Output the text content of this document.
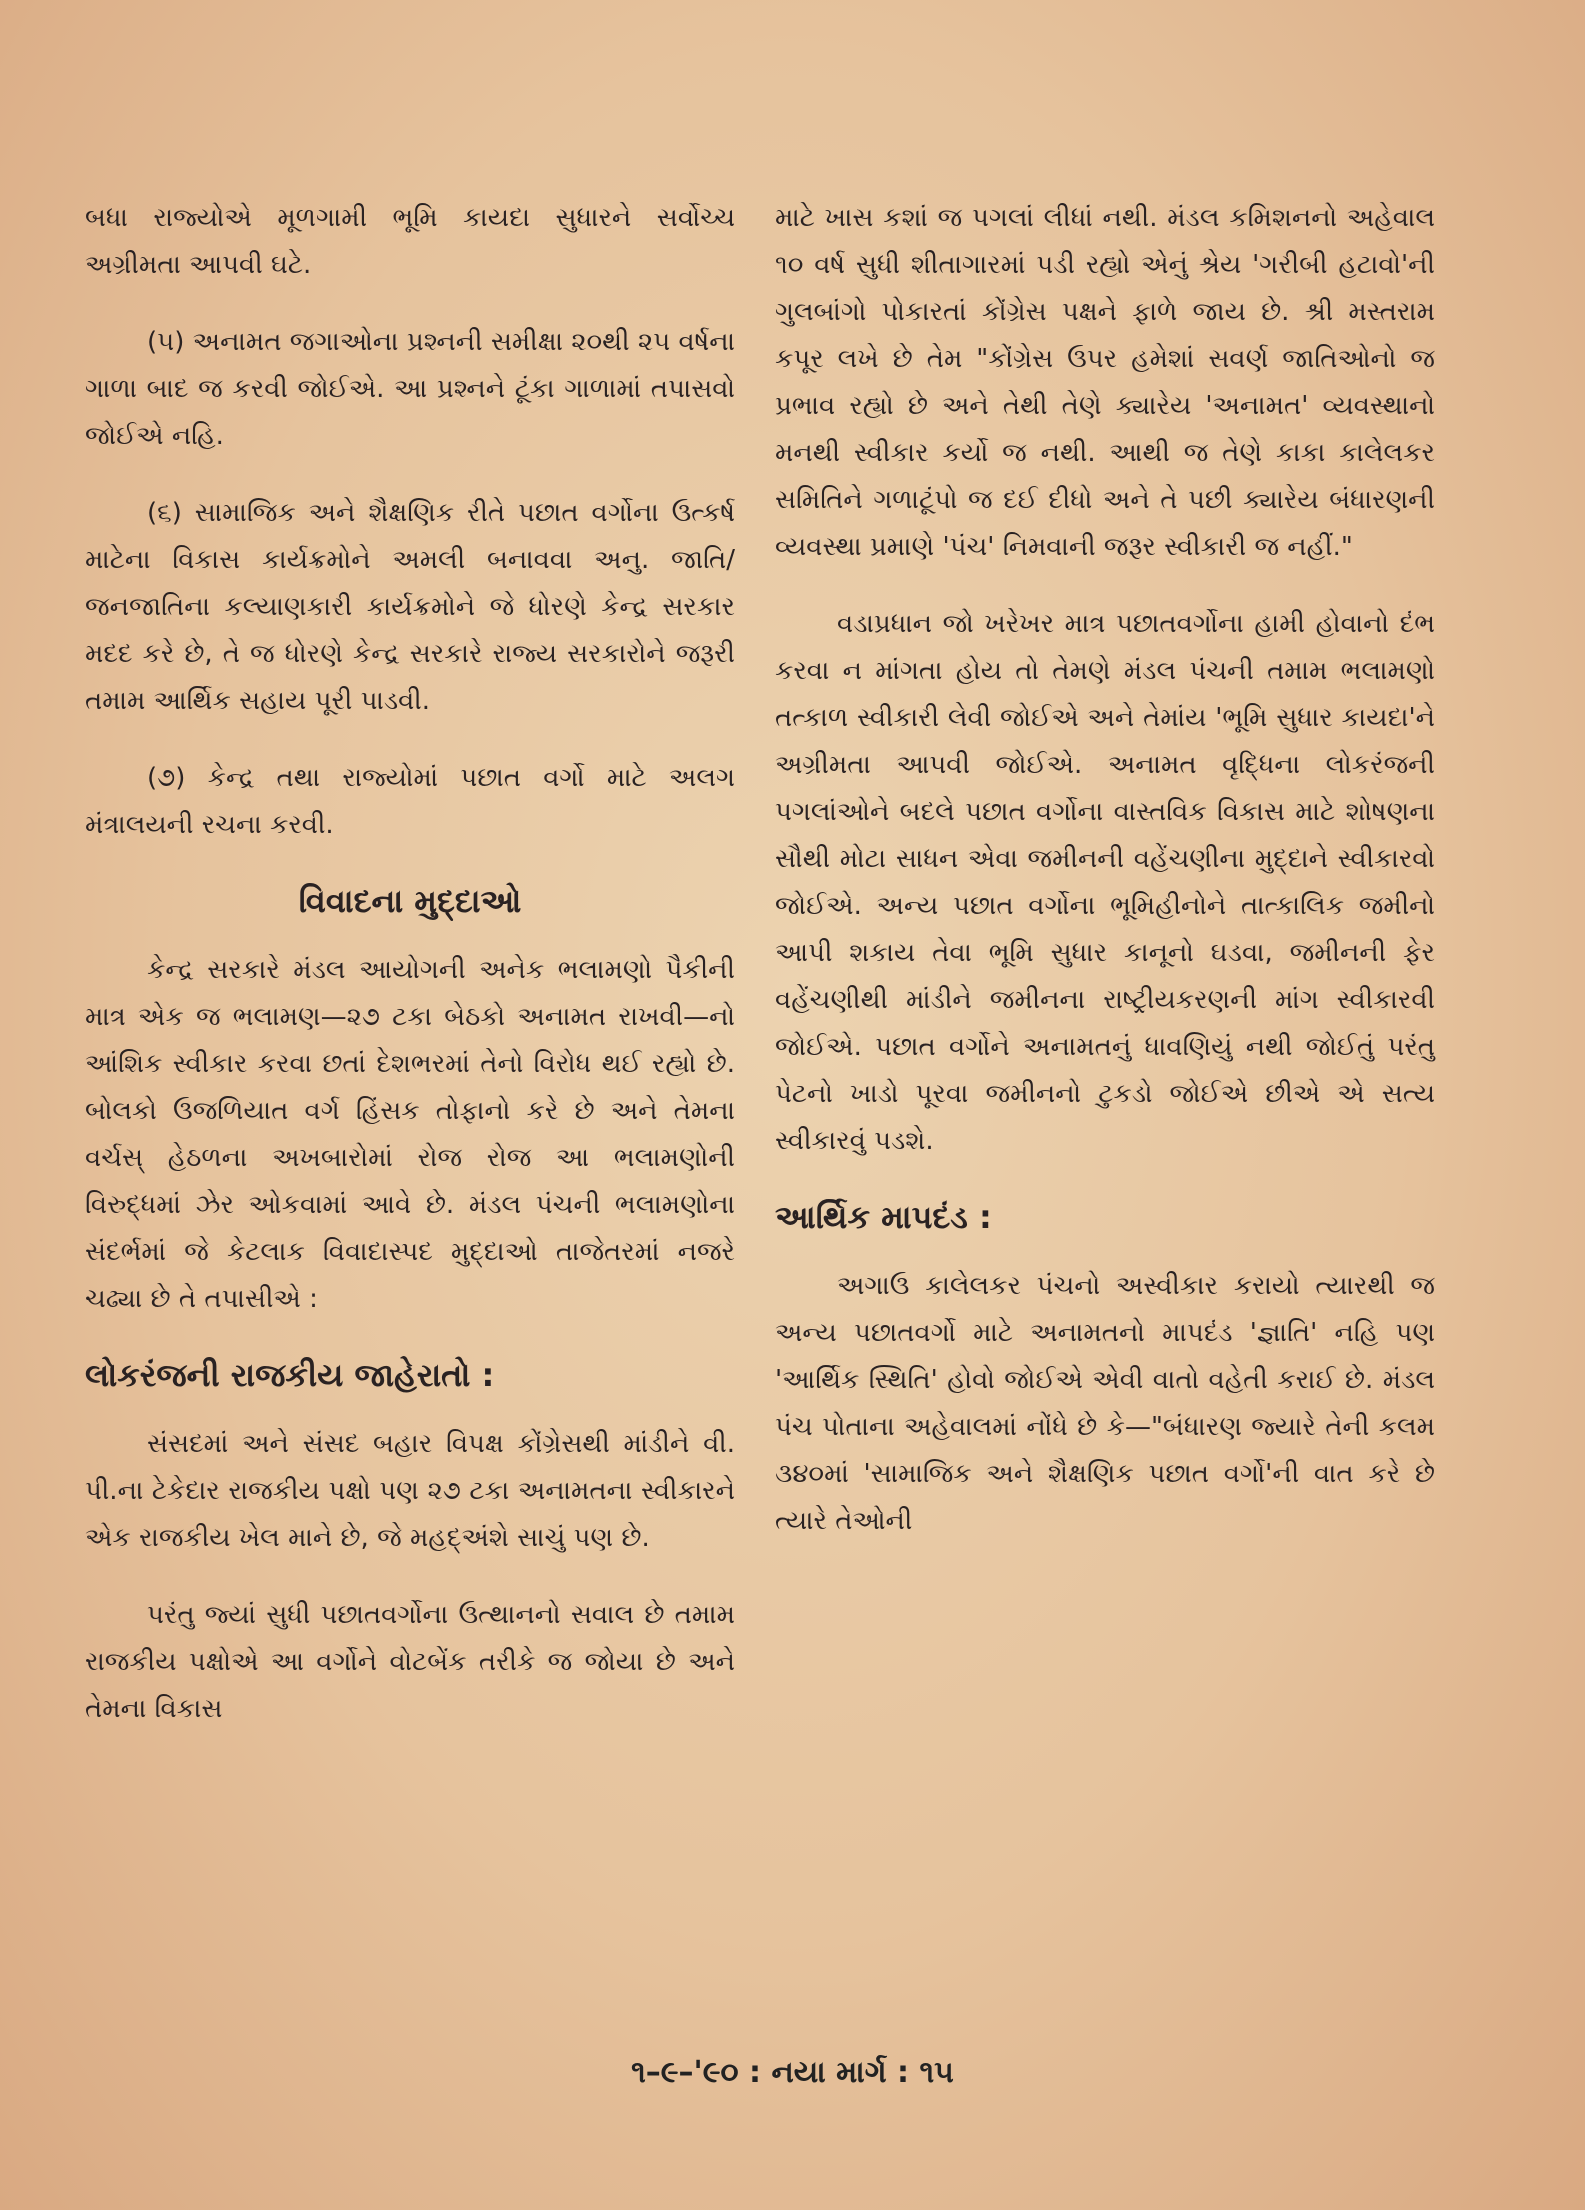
બધા રાજ્યોએ મૂળગામી ભૂમિ કાયદા સુધારને સર્વોચ્ચ અગ્રીમતા આપવી ઘટે.

(૫) અનામત જગાઓના પ્રશ્નની સમીક્ષા ૨૦થી ૨૫ વર્ષના ગાળા બાદ જ કરવી જોઈએ. આ પ્રશ્નને ટૂંકા ગાળામાં તપાસવો જોઈએ નહિ.

(૬) સામાજિક અને શૈક્ષણિક રીતે પછાત વર્ગોના ઉત્કર્ષ માટેના વિકાસ કાર્યક્રમોને અમલી બનાવવા અનુ. જાતિ/જનજાતિના કલ્યાણકારી કાર્યક્રમોને જે ધોરણે કેન્દ્ર સરકાર મદદ કરે છે, તે જ ધોરણે કેન્દ્ર સરકારે રાજ્ય સરકારોને જરૂરી તમામ આર્થિક સહાય પૂરી પાડવી.

(૭) કેન્દ્ર તથા રાજ્યોમાં પછાત વર્ગો માટે અલગ મંત્રાલયની રચના કરવી.

વિવાદના મુદ્દાઓ

કેન્દ્ર સરકારે મંડલ આયોગની અનેક ભલામણો પૈકીની માત્ર એક જ ભલામણ—૨૭ ટકા બેઠકો અનામત રાખવી—નો આંશિક સ્વીકાર કરવા છતાં દેશભરમાં તેનો વિરોધ થઈ રહ્યો છે. બોલકો ઉજળિયાત વર્ગ હિંસક તોફાનો કરે છે અને તેમના વર્ચસ્ હેઠળના અખબારોમાં રોજ રોજ આ ભલામણોની વિરુદ્ધમાં ઝેર ઓકવામાં આવે છે. મંડલ પંચની ભલામણોના સંદર્ભમાં જે કેટલાક વિવાદાસ્પદ મુદ્દાઓ તાજેતરમાં નજરે ચઢ્યા છે તે તપાસીએ :

લોકરંજની રાજકીય જાહેરાતો :

સંસદમાં અને સંસદ બહાર વિપક્ષ કોંગ્રેસથી માંડીને વી. પી.ના ટેકેદાર રાજકીય પક્ષો પણ ૨૭ ટકા અનામતના સ્વીકારને એક રાજકીય ખેલ માને છે, જે મહદ્અંશે સાચું પણ છે.

પરંતુ જ્યાં સુધી પછાતવર્ગોના ઉત્થાનનો સવાલ છે તમામ રાજકીય પક્ષોએ આ વર્ગોને વોટબેંક તરીકે જ જોયા છે અને તેમના વિકાસ

માટે ખાસ કશાં જ પગલાં લીધાં નથી. મંડલ કમિશનનો અહેવાલ ૧૦ વર્ષ સુધી શીતાગારમાં પડી રહ્યો એનું શ્રેય 'ગરીબી હટાવો'ની ગુલબાંગો પોકારતાં કોંગ્રેસ પક્ષને ફાળે જાય છે. શ્રી મસ્તરામ કપૂર લખે છે તેમ "કોંગ્રેસ ઉપર હમેશાં સવર્ણ જાતિઓનો જ પ્રભાવ રહ્યો છે અને તેથી તેણે ક્યારેય 'અનામત' વ્યવસ્થાનો મનથી સ્વીકાર કર્યો જ નથી. આથી જ તેણે કાકા કાલેલકર સમિતિને ગળાટૂંપો જ દઈ દીધો અને તે પછી ક્યારેય બંધારણની વ્યવસ્થા પ્રમાણે 'પંચ' નિમવાની જરૂર સ્વીકારી જ નહીં."

વડાપ્રધાન જો ખરેખર માત્ર પછાતવર્ગોના હામી હોવાનો દંભ કરવા ન માંગતા હોય તો તેમણે મંડલ પંચની તમામ ભલામણો તત્કાળ સ્વીકારી લેવી જોઈએ અને તેમાંય 'ભૂમિ સુધાર કાયદા'ને અગ્રીમતા આપવી જોઈએ. અનામત વૃદ્ધિના લોકરંજની પગલાંઓને બદલે પછાત વર્ગોના વાસ્તવિક વિકાસ માટે શોષણના સૌથી મોટા સાધન એવા જમીનની વહેંચણીના મુદ્દાને સ્વીકારવો જોઈએ. અન્ય પછાત વર્ગોના ભૂમિહીનોને તાત્કાલિક જમીનો આપી શકાય તેવા ભૂમિ સુધાર કાનૂનો ઘડવા, જમીનની ફેર વહેંચણીથી માંડીને જમીનના રાષ્ટ્રીયકરણની માંગ સ્વીકારવી જોઈએ. પછાત વર્ગોને અનામતનું ધાવણિયું નથી જોઈતું પરંતુ પેટનો ખાડો પૂરવા જમીનનો ટુકડો જોઈએ છીએ એ સત્ય સ્વીકારવું પડશે.

આર્થિક માપદંડ :

અગાઉ કાલેલકર પંચનો અસ્વીકાર કરાયો ત્યારથી જ અન્ય પછાતવર્ગો માટે અનામતનો માપદંડ 'જ્ઞાતિ' નહિ પણ 'આર્થિક સ્થિતિ' હોવો જોઈએ એવી વાતો વહેતી કરાઈ છે. મંડલ પંચ પોતાના અહેવાલમાં નોંધે છે કે—"બંધારણ જ્યારે તેની કલમ ૩૪૦માં 'સામાજિક અને શૈક્ષણિક પછાત વર્ગો'ની વાત કરે છે ત્યારે તેઓની

૧–૯–'૯૦ : નયા માર્ગ : ૧૫
